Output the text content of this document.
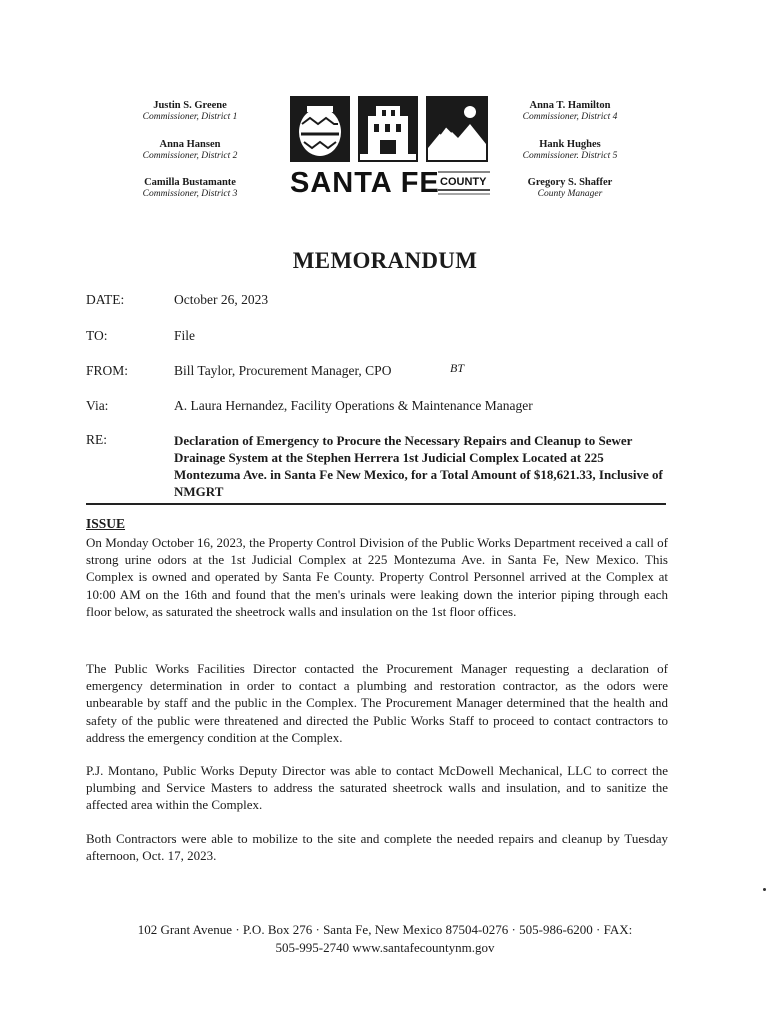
Justin S. Greene
Commissioner, District 1
Anna Hansen
Commissioner, District 2
Camilla Bustamante
Commissioner, District 3
Anna T. Hamilton
Commissioner, District 4
Hank Hughes
Commissioner. District 5
Gregory S. Shaffer
County Manager
SANTA FE COUNTY
MEMORANDUM
DATE:	October 26, 2023
TO:	File
FROM:	Bill Taylor, Procurement Manager, CPO	BT
Via:	A. Laura Hernandez, Facility Operations & Maintenance Manager
RE:	Declaration of Emergency to Procure the Necessary Repairs and Cleanup to Sewer Drainage System at the Stephen Herrera 1st Judicial Complex Located at 225 Montezuma Ave. in Santa Fe New Mexico, for a Total Amount of $18,621.33, Inclusive of NMGRT
ISSUE
On Monday October 16, 2023, the Property Control Division of the Public Works Department received a call of strong urine odors at the 1st Judicial Complex at 225 Montezuma Ave. in Santa Fe, New Mexico. This Complex is owned and operated by Santa Fe County. Property Control Personnel arrived at the Complex at 10:00 AM on the 16th and found that the men's urinals were leaking down the interior piping through each floor below, as saturated the sheetrock walls and insulation on the 1st floor offices.
The Public Works Facilities Director contacted the Procurement Manager requesting a declaration of emergency determination in order to contact a plumbing and restoration contractor, as the odors were unbearable by staff and the public in the Complex. The Procurement Manager determined that the health and safety of the public were threatened and directed the Public Works Staff to proceed to contact contractors to address the emergency condition at the Complex.
P.J. Montano, Public Works Deputy Director was able to contact McDowell Mechanical, LLC to correct the plumbing and Service Masters to address the saturated sheetrock walls and insulation, and to sanitize the affected area within the Complex.
Both Contractors were able to mobilize to the site and complete the needed repairs and cleanup by Tuesday afternoon, Oct. 17, 2023.
102 Grant Avenue · P.O. Box 276 · Santa Fe, New Mexico 87504-0276 · 505-986-6200 · FAX:
505-995-2740 www.santafecountynm.gov
